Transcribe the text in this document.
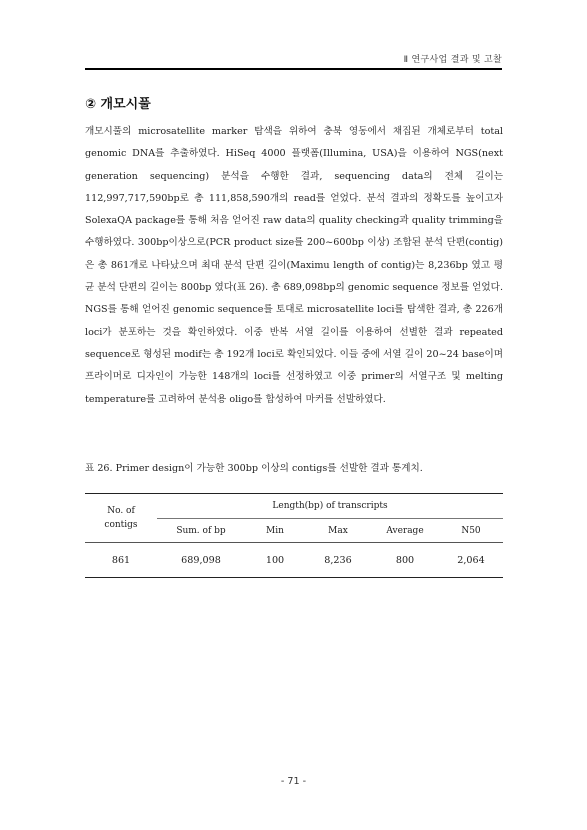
Ⅱ 연구사업 결과 및 고찰
② 개모시풀
개모시풀의 microsatellite marker 탐색을 위하여 충북 영동에서 채집된 개체로부터 total genomic DNA를 추출하였다. HiSeq 4000 플랫폼(Illumina, USA)을 이용하여 NGS(next generation sequencing) 분석을 수행한 결과, sequencing data의 전체 길이는 112,997,717,590bp로 총 111,858,590개의 read를 얻었다. 분석 결과의 정확도를 높이고자 SolexaQA package를 통해 처음 얻어진 raw data의 quality checking과 quality trimming을 수행하였다. 300bp이상으로(PCR product size를 200~600bp 이상) 조합된 분석 단편(contig)은 총 861개로 나타났으며 최대 분석 단편 길이(Maximu length of contig)는 8,236bp 였고 평균 분석 단편의 길이는 800bp 였다(표 26). 총 689,098bp의 genomic sequence 정보를 얻었다. NGS를 통해 얻어진 genomic sequence를 토대로 microsatellite loci를 탐색한 결과, 총 226개 loci가 분포하는 것을 확인하였다. 이중 반복 서열 길이를 이용하여 선별한 결과 repeated sequence로 형성된 modif는 총 192개 loci로 확인되었다. 이들 중에 서열 길이 20~24 base이며 프라이머로 디자인이 가능한 148개의 loci를 선정하였고 이중 primer의 서열구조 및 melting temperature를 고려하여 분석용 oligo를 합성하여 마커를 선발하였다.
표 26. Primer design이 가능한 300bp 이상의 contigs를 선발한 결과 통계치.
No. of
contigs	Length(bp) of transcripts				
	Sum. of bp	Min	Max	Average	N50
861	689,098	100	8,236	800	2,064
- 71 -
